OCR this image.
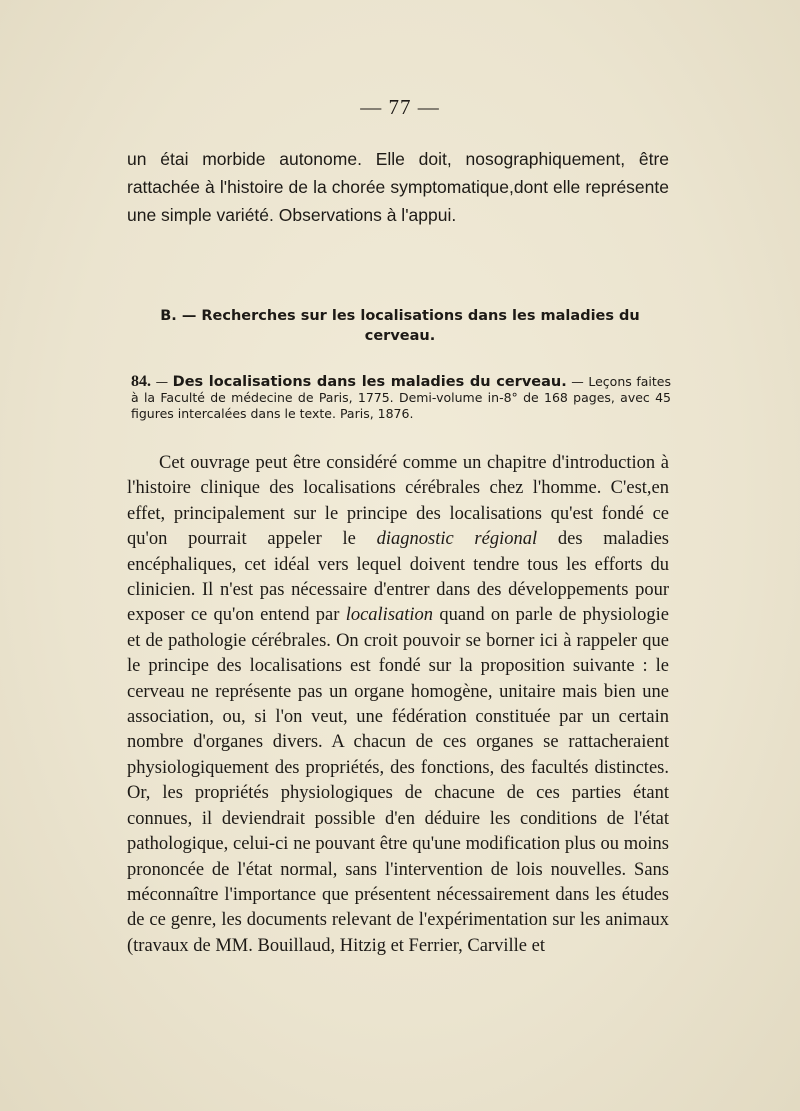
— 77 —

un étai morbide autonome. Elle doit, nosographiquement, être rattachée à l'histoire de la chorée symptomatique,dont elle représente une simple variété. Observations à l'appui.

B. — Recherches sur les localisations dans les maladies du cerveau.
84. — Des localisations dans les maladies du cerveau. — Leçons faites à la Faculté de médecine de Paris, 1775. Demi-volume in-8° de 168 pages, avec 45 figures intercalées dans le texte. Paris, 1876.

Cet ouvrage peut être considéré comme un chapitre d'introduction à l'histoire clinique des localisations cérébrales chez l'homme. C'est,en effet, principalement sur le principe des localisations qu'est fondé ce qu'on pourrait appeler le diagnostic régional des maladies encéphaliques, cet idéal vers lequel doivent tendre tous les efforts du clinicien. Il n'est pas nécessaire d'entrer dans des développements pour exposer ce qu'on entend par localisation quand on parle de physiologie et de pathologie cérébrales. On croit pouvoir se borner ici à rappeler que le principe des localisations est fondé sur la proposition suivante : le cerveau ne représente pas un organe homogène, unitaire mais bien une association, ou, si l'on veut, une fédération constituée par un certain nombre d'organes divers. A chacun de ces organes se rattacheraient physiologiquement des propriétés, des fonctions, des facultés distinctes. Or, les propriétés physiologiques de chacune de ces parties étant connues, il deviendrait possible d'en déduire les conditions de l'état pathologique, celui-ci ne pouvant être qu'une modification plus ou moins prononcée de l'état normal, sans l'intervention de lois nouvelles. Sans méconnaître l'importance que présentent nécessairement dans les études de ce genre, les documents relevant de l'expérimentation sur les animaux (travaux de MM. Bouillaud, Hitzig et Ferrier, Carville et
